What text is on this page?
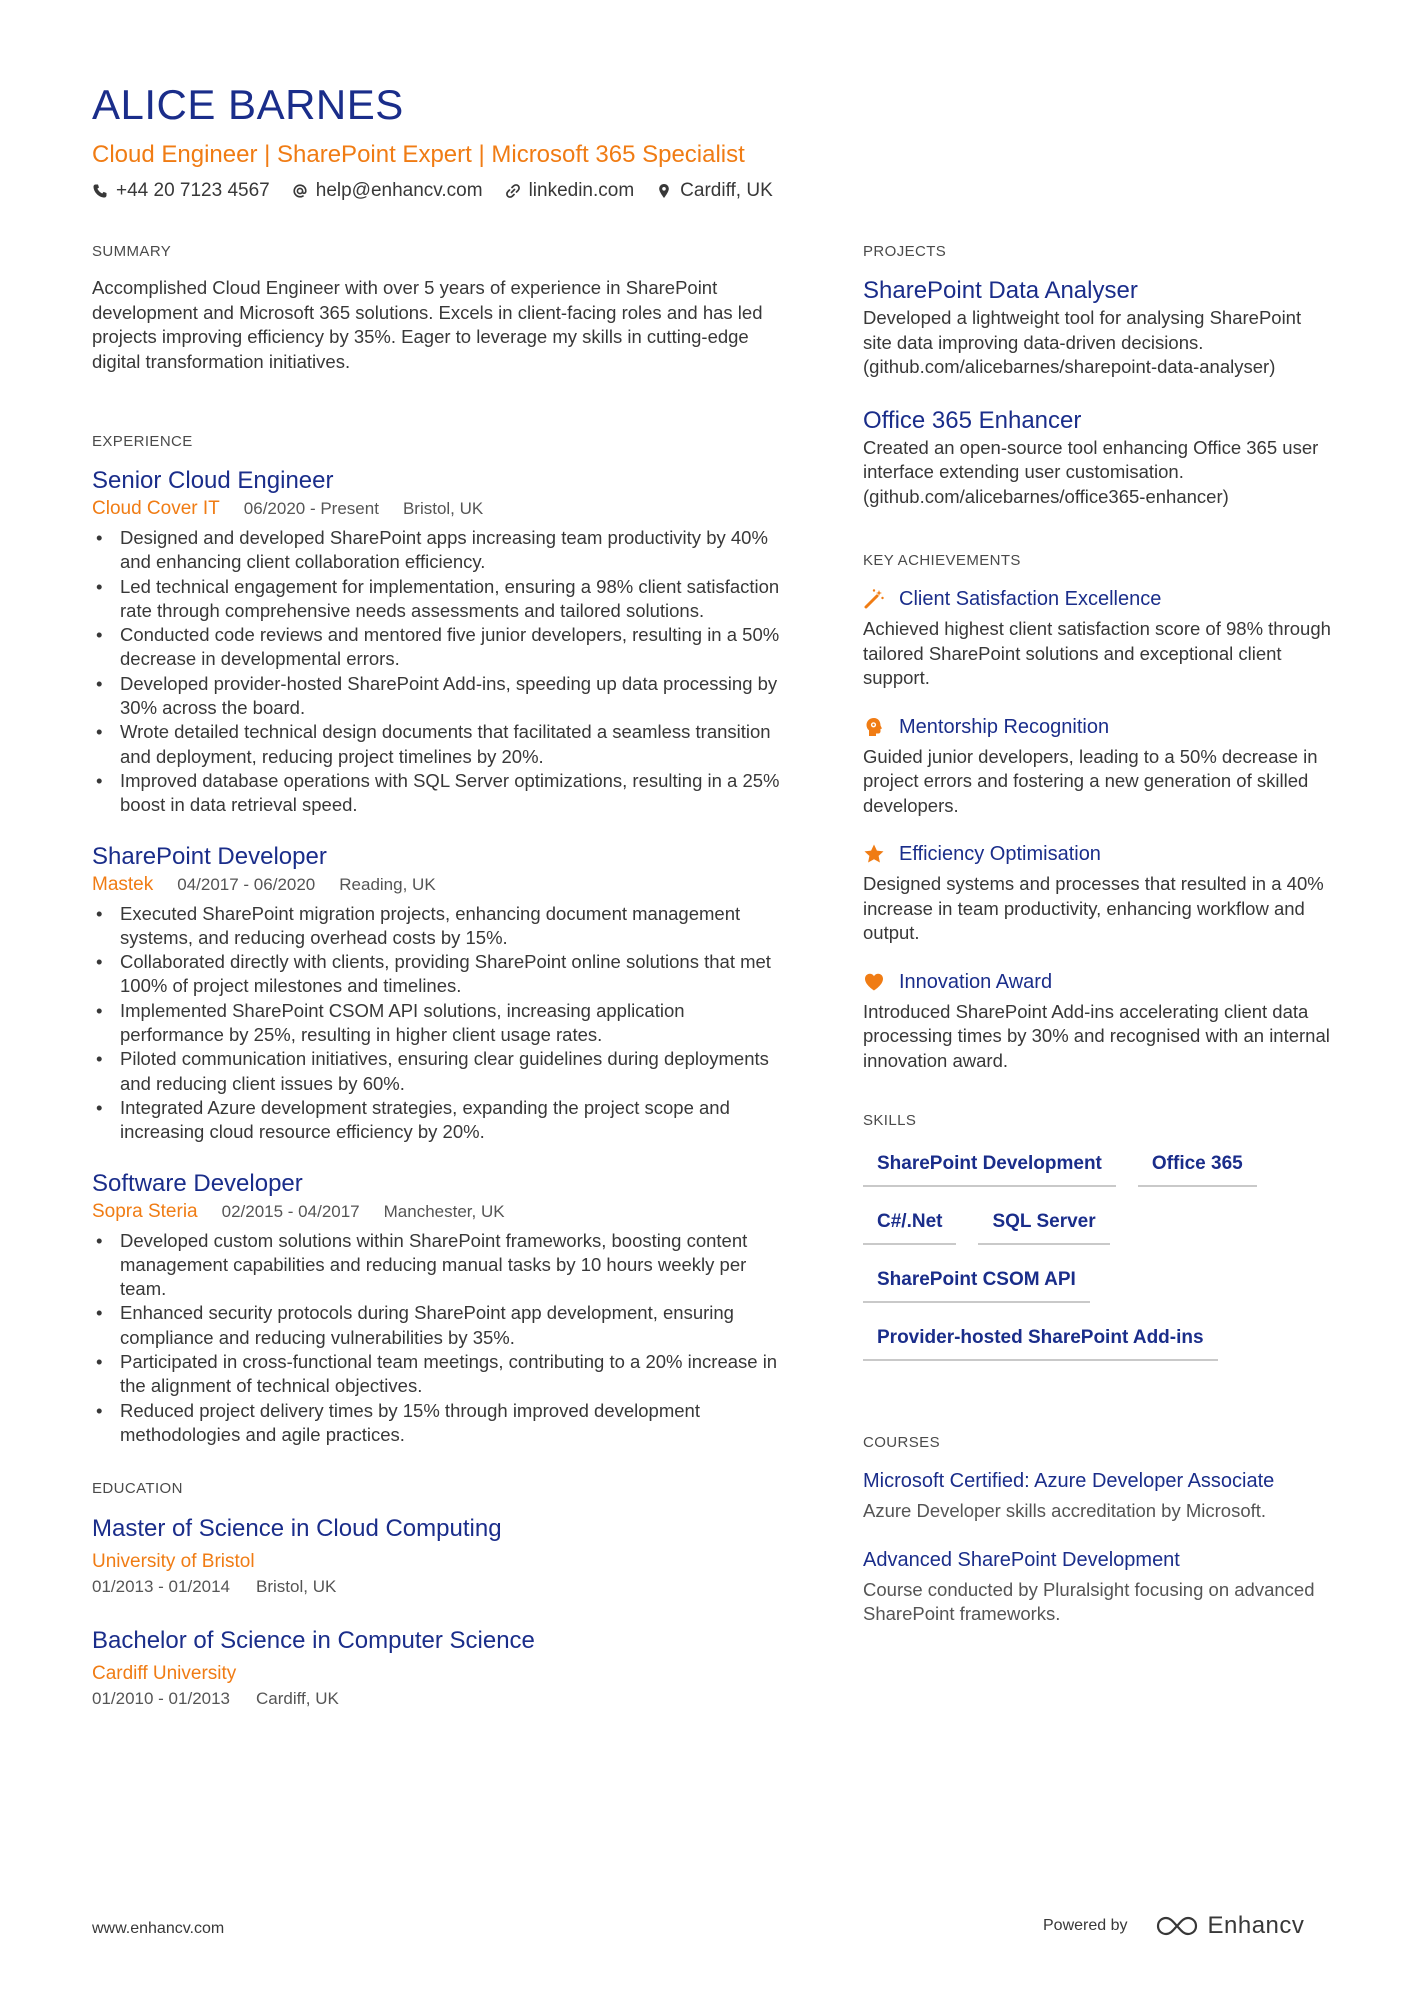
ALICE BARNES
Cloud Engineer | SharePoint Expert | Microsoft 365 Specialist
+44 20 7123 4567 help@enhancv.com linkedin.com Cardiff, UK
SUMMARY
Accomplished Cloud Engineer with over 5 years of experience in SharePoint development and Microsoft 365 solutions. Excels in client-facing roles and has led projects improving efficiency by 35%. Eager to leverage my skills in cutting-edge digital transformation initiatives.
EXPERIENCE
Senior Cloud Engineer
Cloud Cover IT 06/2020 - Present Bristol, UK
• Designed and developed SharePoint apps increasing team productivity by 40% and enhancing client collaboration efficiency.
• Led technical engagement for implementation, ensuring a 98% client satisfaction rate through comprehensive needs assessments and tailored solutions.
• Conducted code reviews and mentored five junior developers, resulting in a 50% decrease in developmental errors.
• Developed provider-hosted SharePoint Add-ins, speeding up data processing by 30% across the board.
• Wrote detailed technical design documents that facilitated a seamless transition and deployment, reducing project timelines by 20%.
• Improved database operations with SQL Server optimizations, resulting in a 25% boost in data retrieval speed.
SharePoint Developer
Mastek 04/2017 - 06/2020 Reading, UK
• Executed SharePoint migration projects, enhancing document management systems, and reducing overhead costs by 15%.
• Collaborated directly with clients, providing SharePoint online solutions that met 100% of project milestones and timelines.
• Implemented SharePoint CSOM API solutions, increasing application performance by 25%, resulting in higher client usage rates.
• Piloted communication initiatives, ensuring clear guidelines during deployments and reducing client issues by 60%.
• Integrated Azure development strategies, expanding the project scope and increasing cloud resource efficiency by 20%.
Software Developer
Sopra Steria 02/2015 - 04/2017 Manchester, UK
• Developed custom solutions within SharePoint frameworks, boosting content management capabilities and reducing manual tasks by 10 hours weekly per team.
• Enhanced security protocols during SharePoint app development, ensuring compliance and reducing vulnerabilities by 35%.
• Participated in cross-functional team meetings, contributing to a 20% increase in the alignment of technical objectives.
• Reduced project delivery times by 15% through improved development methodologies and agile practices.
EDUCATION
Master of Science in Cloud Computing
University of Bristol
01/2013 - 01/2014 Bristol, UK
Bachelor of Science in Computer Science
Cardiff University
01/2010 - 01/2013 Cardiff, UK
PROJECTS
SharePoint Data Analyser
Developed a lightweight tool for analysing SharePoint site data improving data-driven decisions. (github.com/alicebarnes/sharepoint-data-analyser)
Office 365 Enhancer
Created an open-source tool enhancing Office 365 user interface extending user customisation. (github.com/alicebarnes/office365-enhancer)
KEY ACHIEVEMENTS
Client Satisfaction Excellence
Achieved highest client satisfaction score of 98% through tailored SharePoint solutions and exceptional client support.
Mentorship Recognition
Guided junior developers, leading to a 50% decrease in project errors and fostering a new generation of skilled developers.
Efficiency Optimisation
Designed systems and processes that resulted in a 40% increase in team productivity, enhancing workflow and output.
Innovation Award
Introduced SharePoint Add-ins accelerating client data processing times by 30% and recognised with an internal innovation award.
SKILLS
SharePoint Development	Office 365
C#/.Net	SQL Server
SharePoint CSOM API
Provider-hosted SharePoint Add-ins
COURSES
Microsoft Certified: Azure Developer Associate
Azure Developer skills accreditation by Microsoft.
Advanced SharePoint Development
Course conducted by Pluralsight focusing on advanced SharePoint frameworks.
www.enhancv.com	Powered by	Enhancv
